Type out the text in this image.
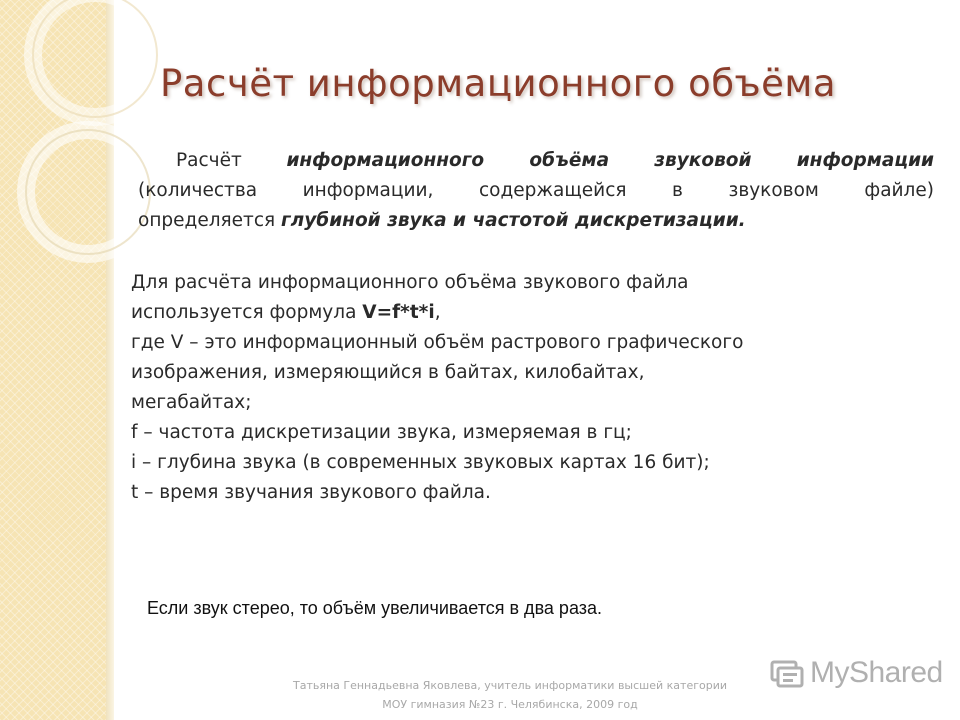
Расчёт информационного объёма
Расчёт информационного объёма звуковой информации
(количества информации, содержащейся в звуковом файле)
определяется глубиной звука и частотой дискретизации.
Для расчёта информационного объёма звукового файла
используется формула V=f*t*i,
где V – это информационный объём растрового графического
изображения, измеряющийся в байтах, килобайтах,
мегабайтах;
f – частота дискретизации звука, измеряемая в гц;
i – глубина звука (в современных звуковых картах 16 бит);
t – время звучания звукового файла.
Если звук стерео, то объём увеличивается в два раза.
Татьяна Геннадьевна Яковлева, учитель информатики высшей категории
МОУ гимназия №23 г. Челябинска, 2009 год
MyShared
